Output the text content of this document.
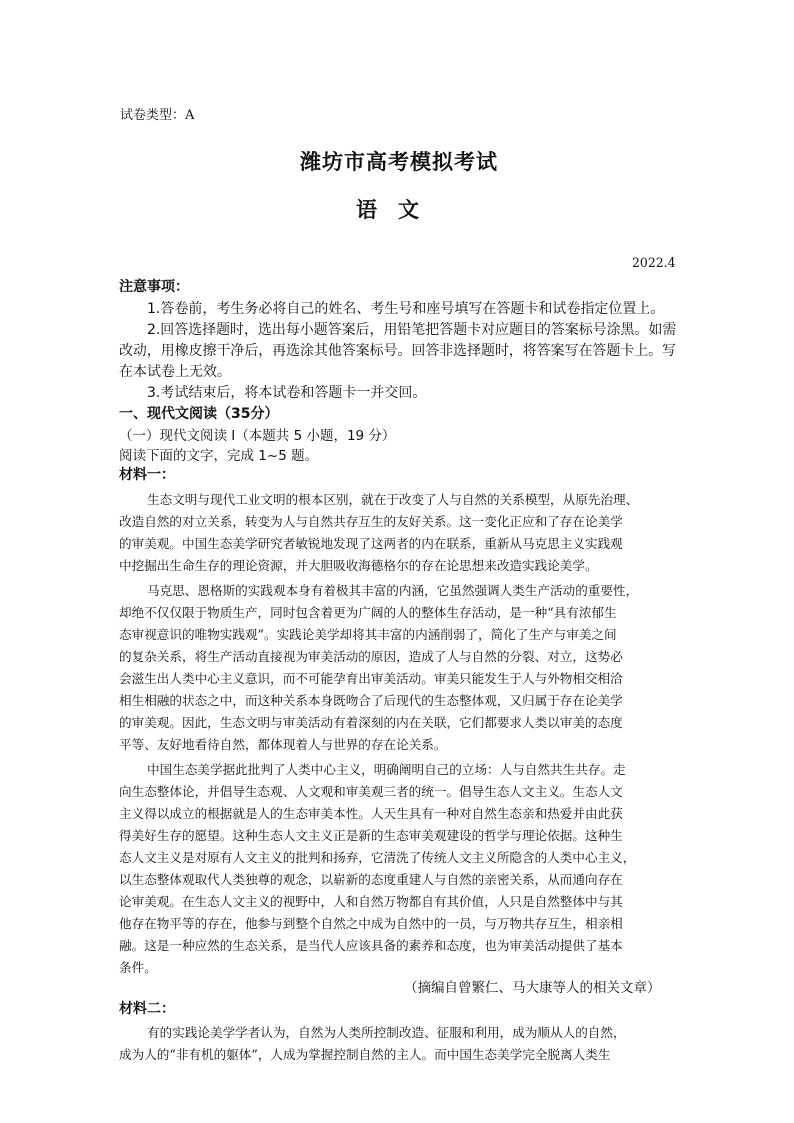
试卷类型：A

潍坊市高考模拟考试

语　文

2022.4

注意事项：

1.答卷前，考生务必将自己的姓名、考生号和座号填写在答题卡和试卷指定位置上。

2.回答选择题时，选出每小题答案后，用铅笔把答题卡对应题目的答案标号涂黑。如需

改动，用橡皮擦干净后，再选涂其他答案标号。回答非选择题时，将答案写在答题卡上。写

在本试卷上无效。

3.考试结束后，将本试卷和答题卡一并交回。

一、现代文阅读（35分）

（一）现代文阅读 I（本题共 5 小题，19 分）

阅读下面的文字，完成 1~5 题。

材料一：

生态文明与现代工业文明的根本区别，就在于改变了人与自然的关系模型，从原先治理、

改造自然的对立关系，转变为人与自然共存互生的友好关系。这一变化正应和了存在论美学

的审美观。中国生态美学研究者敏锐地发现了这两者的内在联系，重新从马克思主义实践观

中挖掘出生命生存的理论资源，并大胆吸收海德格尔的存在论思想来改造实践论美学。

马克思、恩格斯的实践观本身有着极其丰富的内涵，它虽然强调人类生产活动的重要性，

却绝不仅仅限于物质生产，同时包含着更为广阔的人的整体生存活动，是一种“具有浓郁生

态审视意识的唯物实践观”。实践论美学却将其丰富的内涵削弱了，简化了生产与审美之间

的复杂关系，将生产活动直接视为审美活动的原因，造成了人与自然的分裂、对立，这势必

会滋生出人类中心主义意识，而不可能孕育出审美活动。审美只能发生于人与外物相交相洽

相生相融的状态之中，而这种关系本身既吻合了后现代的生态整体观，又归属于存在论美学

的审美观。因此，生态文明与审美活动有着深刻的内在关联，它们都要求人类以审美的态度

平等、友好地看待自然，都体现着人与世界的存在论关系。

中国生态美学据此批判了人类中心主义，明确阐明自己的立场：人与自然共生共存。走

向生态整体论，并倡导生态观、人文观和审美观三者的统一。倡导生态人文主义。生态人文

主义得以成立的根据就是人的生态审美本性。人天生具有一种对自然生态亲和热爱并由此获

得美好生存的愿望。这种生态人文主义正是新的生态审美观建设的哲学与理论依据。这种生

态人文主义是对原有人文主义的批判和扬弃，它清洗了传统人文主义所隐含的人类中心主义，

以生态整体观取代人类独尊的观念，以崭新的态度重建人与自然的亲密关系，从而通向存在

论审美观。在生态人文主义的视野中，人和自然万物都自有其价值，人只是自然整体中与其

他存在物平等的存在，他参与到整个自然之中成为自然中的一员，与万物共存互生，相亲相

融。这是一种应然的生态关系，是当代人应该具备的素养和态度，也为审美活动提供了基本

条件。

（摘编自曾繁仁、马大康等人的相关文章）

材料二：

有的实践论美学学者认为，自然为人类所控制改造、征服和利用，成为顺从人的自然，

成为人的“非有机的躯体”，人成为掌握控制自然的主人。而中国生态美学完全脱离人类生
